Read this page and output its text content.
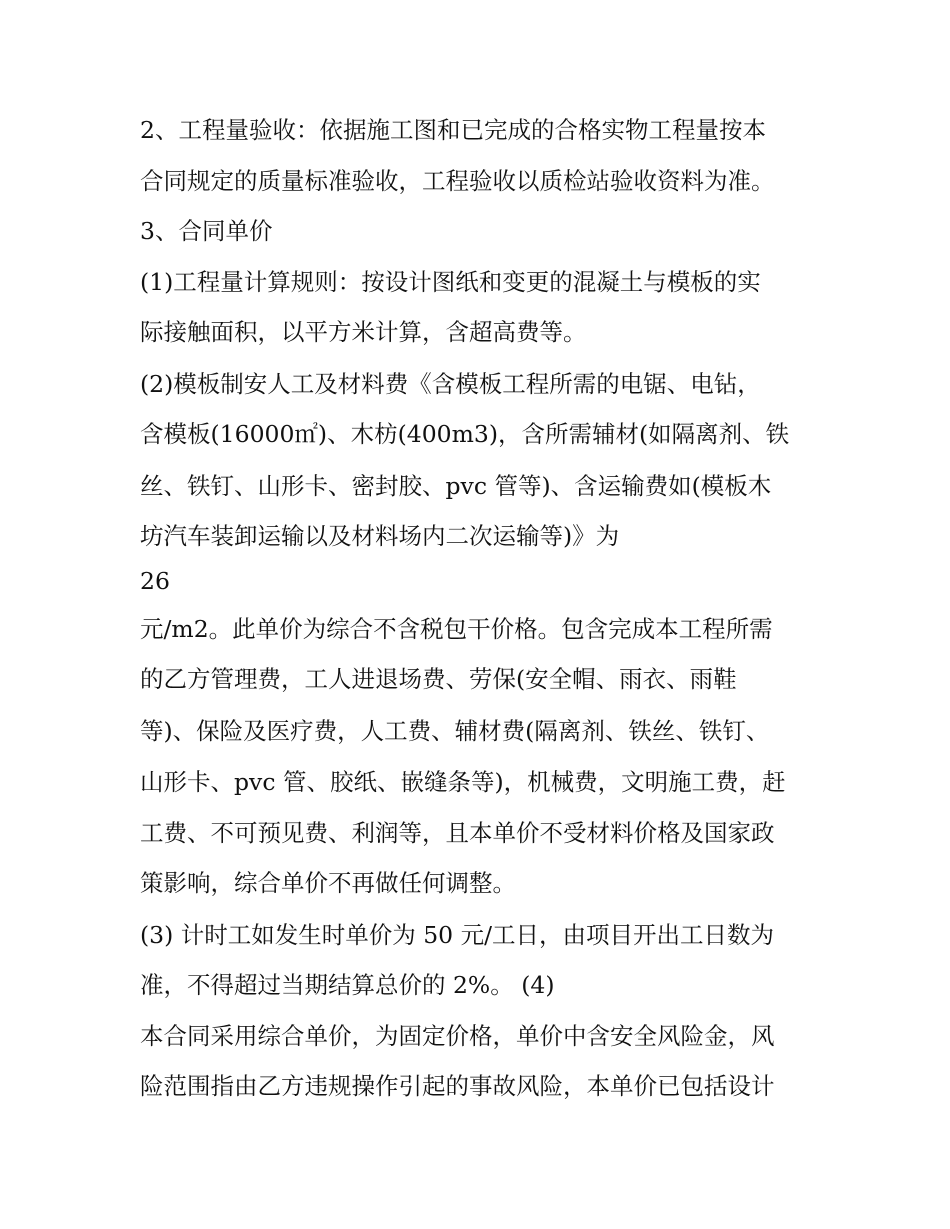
2、工程量验收：依据施工图和已完成的合格实物工程量按本
合同规定的质量标准验收，工程验收以质检站验收资料为准。
3、合同单价
(1)工程量计算规则：按设计图纸和变更的混凝土与模板的实
际接触面积，以平方米计算，含超高费等。
(2)模板制安人工及材料费《含模板工程所需的电锯、电钻，
含模板(16000㎡)、木枋(400m3)，含所需辅材(如隔离剂、铁
丝、铁钉、山形卡、密封胶、pvc 管等)、含运输费如(模板木
坊汽车装卸运输以及材料场内二次运输等)》为
26
元/m2。此单价为综合不含税包干价格。包含完成本工程所需
的乙方管理费，工人进退场费、劳保(安全帽、雨衣、雨鞋
等)、保险及医疗费，人工费、辅材费(隔离剂、铁丝、铁钉、
山形卡、pvc 管、胶纸、嵌缝条等)，机械费，文明施工费，赶
工费、不可预见费、利润等，且本单价不受材料价格及国家政
策影响，综合单价不再做任何调整。
(3) 计时工如发生时单价为 50 元/工日，由项目开出工日数为
准，不得超过当期结算总价的 2%。 (4)
本合同采用综合单价，为固定价格，单价中含安全风险金，风
险范围指由乙方违规操作引起的事故风险，本单价已包括设计
